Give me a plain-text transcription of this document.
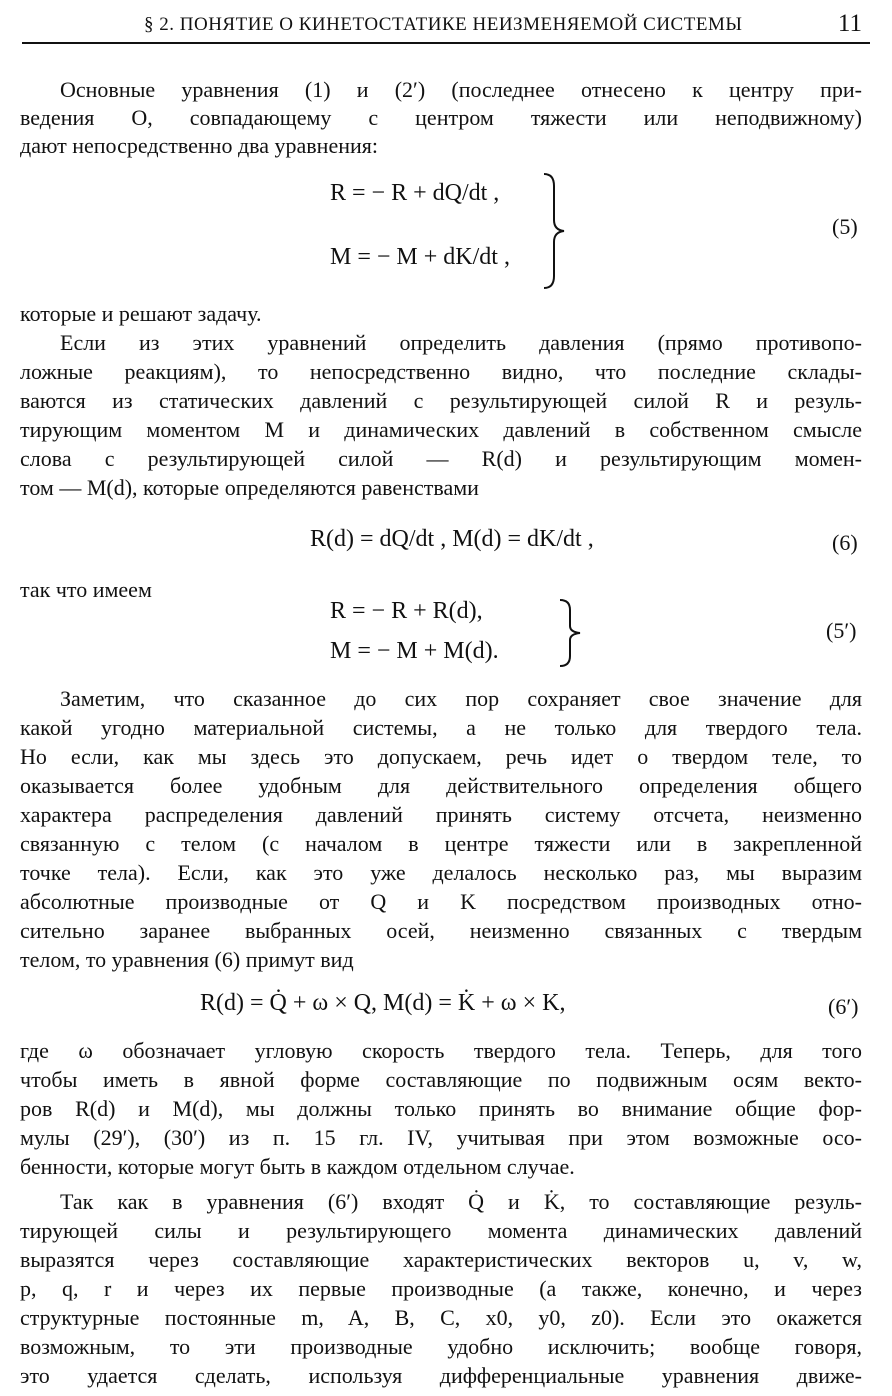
§ 2. ПОНЯТИЕ О КИНЕТОСТАТИКЕ НЕИЗМЕНЯЕМОЙ СИСТЕМЫ	11
Основные уравнения (1) и (2′) (последнее отнесено к центру при-
ведения O, совпадающему с центром тяжести или неподвижному)
дают непосредственно два уравнения:
R = − R + dQ/dt ,
M = − M + dK/dt ,
(5)
которые и решают задачу.
Если из этих уравнений определить давления (прямо противопо-
ложные реакциям), то непосредственно видно, что последние склады-
ваются из статических давлений с результирующей силой R и резуль-
тирующим моментом M и динамических давлений в собственном смысле
слова с результирующей силой — R(d) и результирующим момен-
том — M(d), которые определяются равенствами
R(d) = dQ/dt , M(d) = dK/dt ,	(6)
так что имеем
R = − R + R(d),
M = − M + M(d).
(5′)
Заметим, что сказанное до сих пор сохраняет свое значение для
какой угодно материальной системы, а не только для твердого тела.
Но если, как мы здесь это допускаем, речь идет о твердом теле, то
оказывается более удобным для действительного определения общего
характера распределения давлений принять систему отсчета, неизменно
связанную с телом (с началом в центре тяжести или в закрепленной
точке тела). Если, как это уже делалось несколько раз, мы выразим
абсолютные производные от Q и K посредством производных отно-
сительно заранее выбранных осей, неизменно связанных с твердым
телом, то уравнения (6) примут вид
R(d) = Q̇ + ω × Q, M(d) = K̇ + ω × K,	(6′)
где ω обозначает угловую скорость твердого тела. Теперь, для того
чтобы иметь в явной форме составляющие по подвижным осям векто-
ров R(d) и M(d), мы должны только принять во внимание общие фор-
мулы (29′), (30′) из п. 15 гл. IV, учитывая при этом возможные осо-
бенности, которые могут быть в каждом отдельном случае.
Так как в уравнения (6′) входят Q̇ и K̇, то составляющие резуль-
тирующей силы и результирующего момента динамических давлений
выразятся через составляющие характеристических векторов u, v, w,
p, q, r и через их первые производные (а также, конечно, и через
структурные постоянные m, A, B, C, x0, y0, z0). Если это окажется
возможным, то эти производные удобно исключить; вообще говоря,
это удается сделать, используя дифференциальные уравнения движе-
